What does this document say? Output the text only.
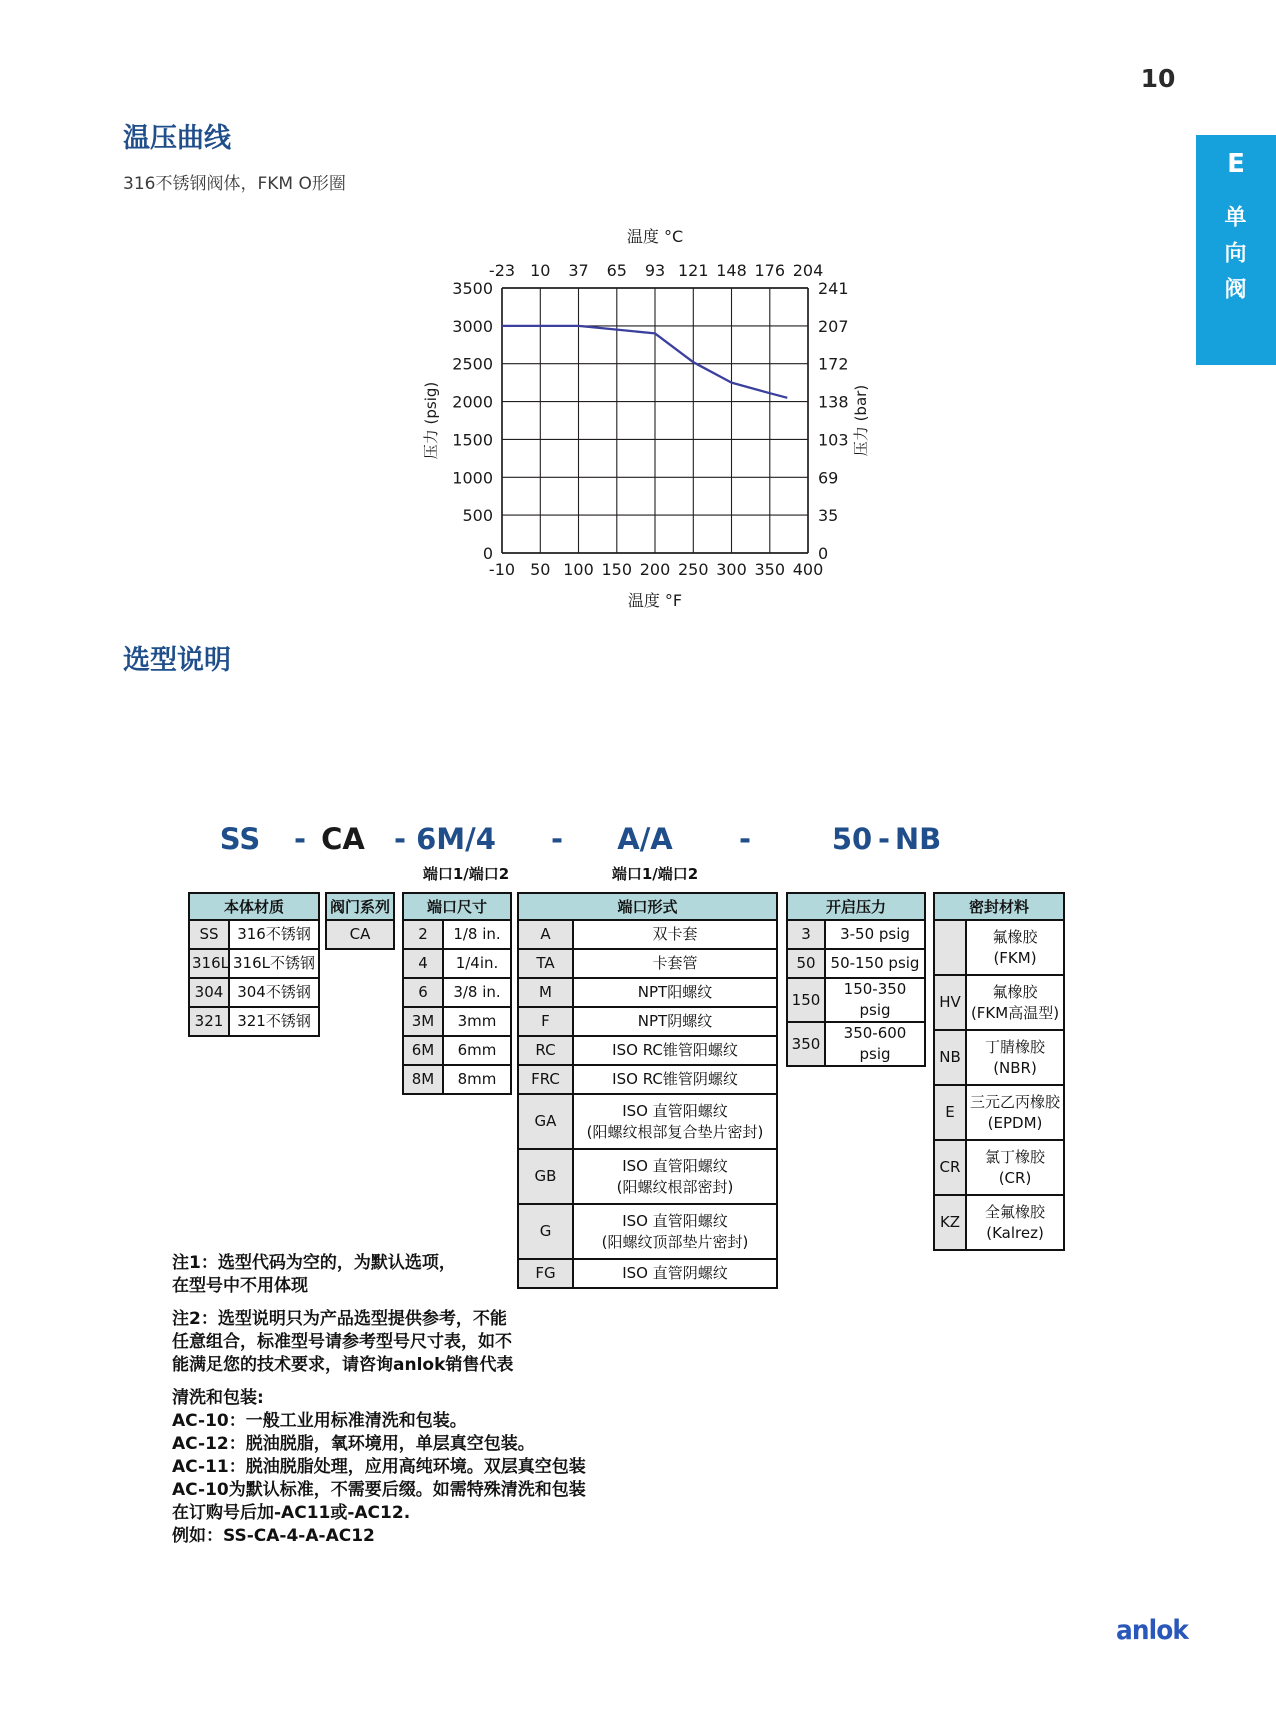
10
E
单向阀
温压曲线
316不锈钢阀体，FKM O形圈
-23 10 37 65 93 121 148 176 204
-10 50 100 150 200 250 300 350 400
3500
3000
2500
2000
1500
1000
500
0
241
207
172
138
103
69
35
0
温度 °C
温度 °F
压力 (psig)	压力 (bar)
选型说明
SS - CA - 6M/4
端口1/端口2
- A/A
端口1/端口2
-	50 - NB
本体材质	
SS	316不锈钢
316L	316L不锈钢
304	304不锈钢
321	321不锈钢
阀门系列
CA
端口尺寸	
2	1/8 in.
4	1/4in.
6	3/8 in.
3M	3mm
6M	6mm
8M	8mm
端口形式	
A	双卡套
TA	卡套管
M	NPT阳螺纹
F	NPT阴螺纹
RC	ISO RC锥管阳螺纹
FRC	ISO RC锥管阴螺纹
GA	ISO 直管阳螺纹
(阳螺纹根部复合垫片密封)
GB	ISO 直管阳螺纹
(阳螺纹根部密封)
G	ISO 直管阳螺纹
(阳螺纹顶部垫片密封)
FG	ISO 直管阴螺纹
开启压力	
3	3-50 psig
50	50-150 psig
150	150-350 psig
350	350-600 psig
密封材料	
	氟橡胶
(FKM)
HV	氟橡胶
(FKM高温型)
NB	丁腈橡胶
(NBR)
E	三元乙丙橡胶
(EPDM)
CR	氯丁橡胶
(CR)
KZ	全氟橡胶
(Kalrez)
注1：选型代码为空的，为默认选项，
在型号中不用体现
注2：选型说明只为产品选型提供参考，不能
任意组合，标准型号请参考型号尺寸表，如不
能满足您的技术要求，请咨询anlok销售代表
清洗和包装:
AC-10：一般工业用标准清洗和包装。
AC-12：脱油脱脂，氧环境用，单层真空包装。
AC-11：脱油脱脂处理，应用高纯环境。双层真空包装
AC-10为默认标准，不需要后缀。如需特殊清洗和包装
在订购号后加-AC11或-AC12.
例如：SS-CA-4-A-AC12
anlok
